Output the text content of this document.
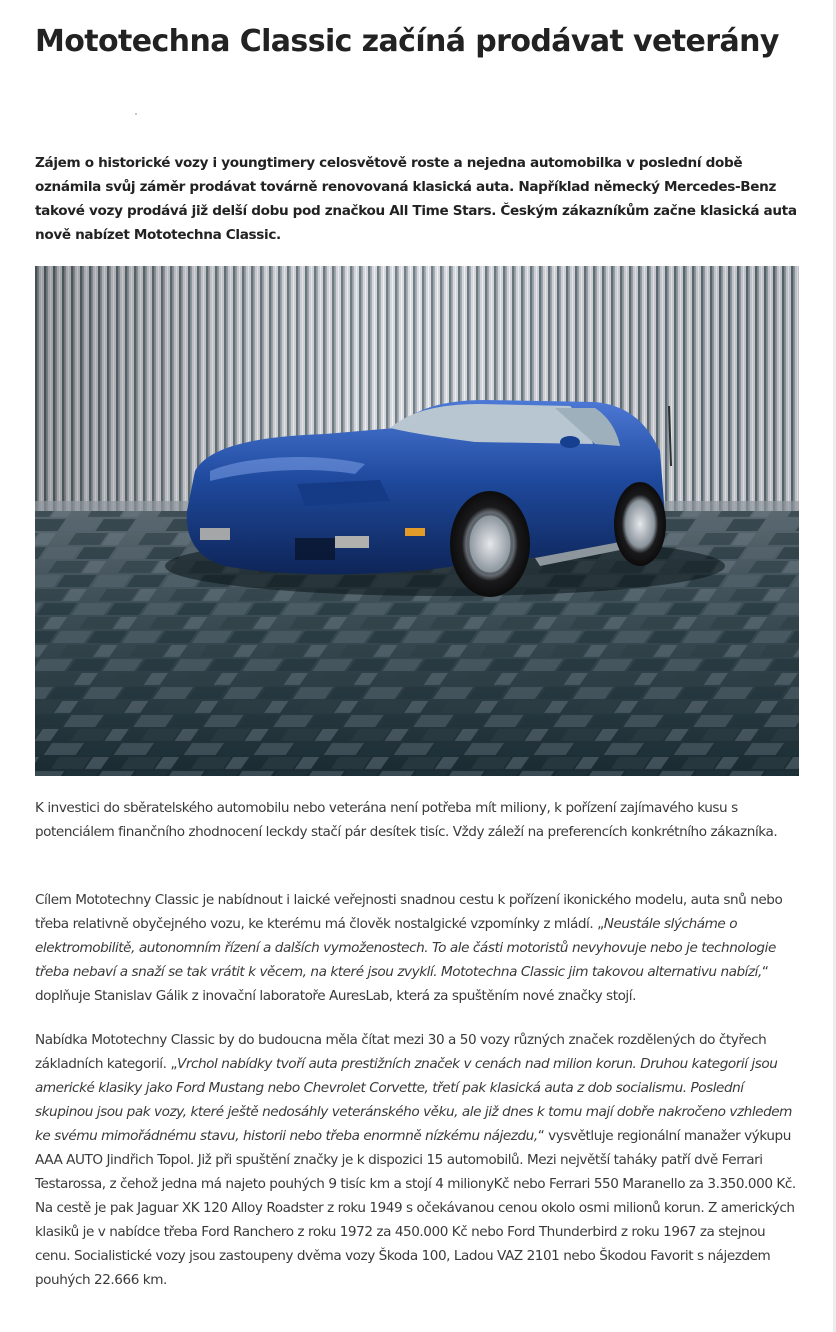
Mototechna Classic začíná prodávat veterány

Zájem o historické vozy i youngtimery celosvětově roste a nejedna automobilka v poslední době oznámila svůj záměr prodávat továrně renovovaná klasická auta. Například německý Mercedes-Benz takové vozy prodává již delší dobu pod značkou All Time Stars. Českým zákazníkům začne klasická auta nově nabízet Mototechna Classic.

K investici do sběratelského automobilu nebo veterána není potřeba mít miliony, k pořízení zajímavého kusu s potenciálem finančního zhodnocení leckdy stačí pár desítek tisíc. Vždy záleží na preferencích konkrétního zákazníka.

Cílem Mototechny Classic je nabídnout i laické veřejnosti snadnou cestu k pořízení ikonického modelu, auta snů nebo třeba relativně obyčejného vozu, ke kterému má člověk nostalgické vzpomínky z mládí. „Neustále slýcháme o elektromobilitě, autonomním řízení a dalších vymoženostech. To ale části motoristů nevyhovuje nebo je technologie třeba nebaví a snaží se tak vrátit k věcem, na které jsou zvyklí. Mototechna Classic jim takovou alternativu nabízí,“ doplňuje Stanislav Gálik z inovační laboratoře AuresLab, která za spuštěním nové značky stojí.

Nabídka Mototechny Classic by do budoucna měla čítat mezi 30 a 50 vozy různých značek rozdělených do čtyřech základních kategorií. „Vrchol nabídky tvoří auta prestižních značek v cenách nad milion korun. Druhou kategorií jsou americké klasiky jako Ford Mustang nebo Chevrolet Corvette, třetí pak klasická auta z dob socialismu. Poslední skupinou jsou pak vozy, které ještě nedosáhly veteránského věku, ale již dnes k tomu mají dobře nakročeno vzhledem ke svému mimořádnému stavu, historii nebo třeba enormně nízkému nájezdu,“ vysvětluje regionální manažer výkupu AAA AUTO Jindřich Topol. Již při spuštění značky je k dispozici 15 automobilů. Mezi největší taháky patří dvě Ferrari Testarossa, z čehož jedna má najeto pouhých 9 tisíc km a stojí 4 milionyKč nebo Ferrari 550 Maranello za 3.350.000 Kč. Na cestě je pak Jaguar XK 120 Alloy Roadster z roku 1949 s očekávanou cenou okolo osmi milionů korun. Z amerických klasiků je v nabídce třeba Ford Ranchero z roku 1972 za 450.000 Kč nebo Ford Thunderbird z roku 1967 za stejnou cenu. Socialistické vozy jsou zastoupeny dvěma vozy Škoda 100, Ladou VAZ 2101 nebo Škodou Favorit s nájezdem pouhých 22.666 km.
